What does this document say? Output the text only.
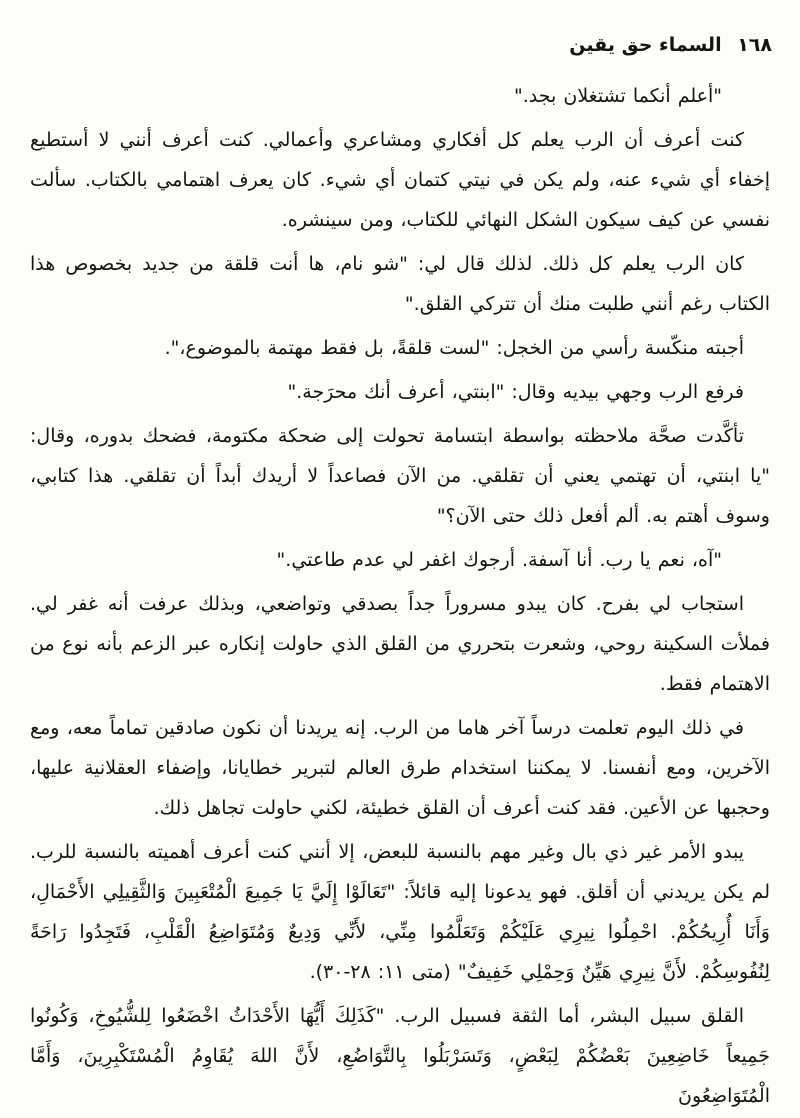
١٦٨ السماء حق يقين

"أعلم أنكما تشتغلان بجد."

كنت أعرف أن الرب يعلم كل أفكاري ومشاعري وأعمالي. كنت أعرف أنني لا أستطيع إخفاء أي شيء عنه، ولم يكن في نيتي كتمان أي شيء. كان يعرف اهتمامي بالكتاب. سألت نفسي عن كيف سيكون الشكل النهائي للكتاب، ومن سينشره.

كان الرب يعلم كل ذلك. لذلك قال لي: "شو نام، ها أنت قلقة من جديد بخصوص هذا الكتاب رغم أنني طلبت منك أن تتركي القلق."

أجبته منكّسة رأسي من الخجل: "لست قلقةً، بل فقط مهتمة بالموضوع،".

فرفع الرب وجهي بيديه وقال: "ابنتي، أعرف أنك محرَجة."

تأكَّدت صحَّة ملاحظته بواسطة ابتسامة تحولت إلى ضحكة مكتومة، فضحك بدوره، وقال: "يا ابنتي، أن تهتمي يعني أن تقلقي. من الآن فصاعداً لا أريدك أبداً أن تقلقي. هذا كتابي، وسوف أهتم به. ألم أفعل ذلك حتى الآن؟"

"آه، نعم يا رب. أنا آسفة. أرجوك اغفر لي عدم طاعتي."

استجاب لي بفرح. كان يبدو مسروراً جداً بصدقي وتواضعي، وبذلك عرفت أنه غفر لي. فملأت السكينة روحي، وشعرت بتحرري من القلق الذي حاولت إنكاره عبر الزعم بأنه نوع من الاهتمام فقط.

في ذلك اليوم تعلمت درساً آخر هاما من الرب. إنه يريدنا أن نكون صادقين تماماً معه، ومع الآخرين، ومع أنفسنا. لا يمكننا استخدام طرق العالم لتبرير خطايانا، وإضفاء العقلانية عليها، وحجبها عن الأعين. فقد كنت أعرف أن القلق خطيئة، لكني حاولت تجاهل ذلك.

يبدو الأمر غير ذي بال وغير مهم بالنسبة للبعض، إلا أنني كنت أعرف أهميته بالنسبة للرب. لم يكن يريدني أن أقلق. فهو يدعونا إليه قائلاً: "تَعَالَوْا إِلَيَّ يَا جَمِيعَ الْمُتْعَبِينَ وَالثَّقِيلِي الأَحْمَالِ، وَأَنَا أُرِيحُكُمْ. احْمِلُوا نِيرِي عَلَيْكُمْ وَتَعَلَّمُوا مِنِّي، لأَنِّي وَدِيعٌ وَمُتَوَاضِعُ الْقَلْبِ، فَتَجِدُوا رَاحَةً لِنُفُوسِكُمْ. لأَنَّ نِيرِي هَيِّنٌ وَحِمْلِي خَفِيفٌ" (متى ١١: ٢٨-٣٠).

القلق سبيل البشر، أما الثقة فسبيل الرب. "كَذَلِكَ أَيُّهَا الأَحْدَاثُ اخْضَعُوا لِلشُّيُوخِ، وَكُونُوا جَمِيعاً خَاضِعِينَ بَعْضُكُمْ لِبَعْضٍ، وَتَسَرْبَلُوا بِالتَّوَاضُعِ، لأَنَّ اللهَ يُقَاوِمُ الْمُسْتَكْبِرِينَ، وَأَمَّا الْمُتَوَاضِعُونَ
